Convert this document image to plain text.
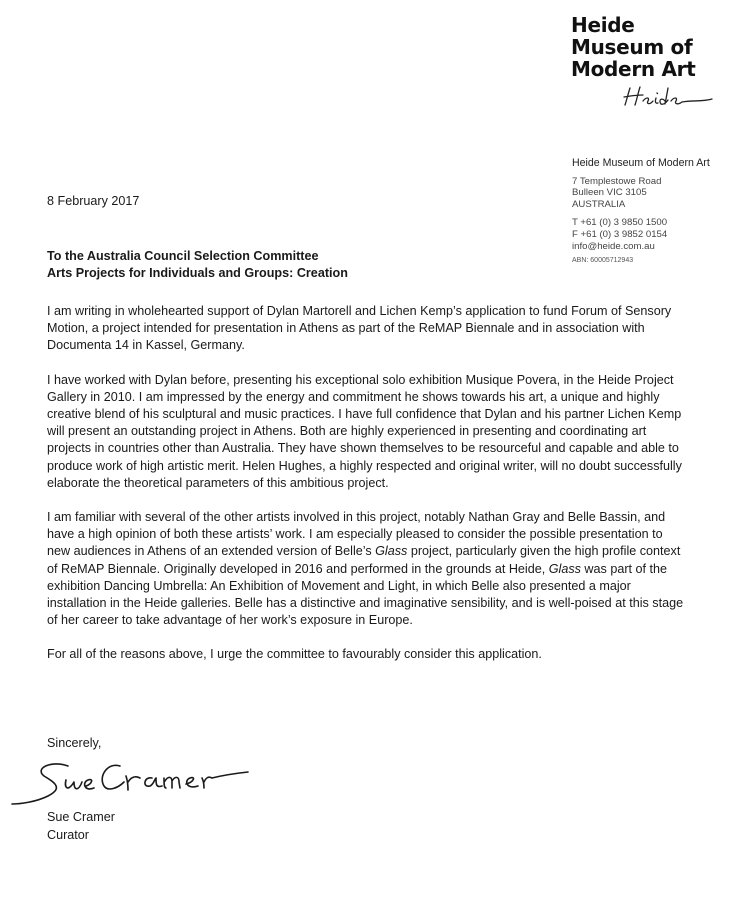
Heide
Museum of
Modern Art
Heide Museum of Modern Art
7 Templestowe Road
Bulleen VIC 3105
AUSTRALIA
T +61 (0) 3 9850 1500
F +61 (0) 3 9852 0154
info@heide.com.au
ABN: 60005712943
8 February 2017
To the Australia Council Selection Committee
Arts Projects for Individuals and Groups: Creation

I am writing in wholehearted support of Dylan Martorell and Lichen Kemp’s application to fund Forum of Sensory Motion, a project intended for presentation in Athens as part of the ReMAP Biennale and in association with Documenta 14 in Kassel, Germany.

I have worked with Dylan before, presenting his exceptional solo exhibition Musique Povera, in the Heide Project Gallery in 2010. I am impressed by the energy and commitment he shows towards his art, a unique and highly creative blend of his sculptural and music practices. I have full confidence that Dylan and his partner Lichen Kemp will present an outstanding project in Athens. Both are highly experienced in presenting and coordinating art projects in countries other than Australia. They have shown themselves to be resourceful and capable and able to produce work of high artistic merit. Helen Hughes, a highly respected and original writer, will no doubt successfully elaborate the theoretical parameters of this ambitious project.

I am familiar with several of the other artists involved in this project, notably Nathan Gray and Belle Bassin, and have a high opinion of both these artists’ work. I am especially pleased to consider the possible presentation to new audiences in Athens of an extended version of Belle’s Glass project, particularly given the high profile context of ReMAP Biennale. Originally developed in 2016 and performed in the grounds at Heide, Glass was part of the exhibition Dancing Umbrella: An Exhibition of Movement and Light, in which Belle also presented a major installation in the Heide galleries. Belle has a distinctive and imaginative sensibility, and is well-poised at this stage of her career to take advantage of her work’s exposure in Europe.

For all of the reasons above, I urge the committee to favourably consider this application.

Sincerely,
Sue Cramer
Curator
